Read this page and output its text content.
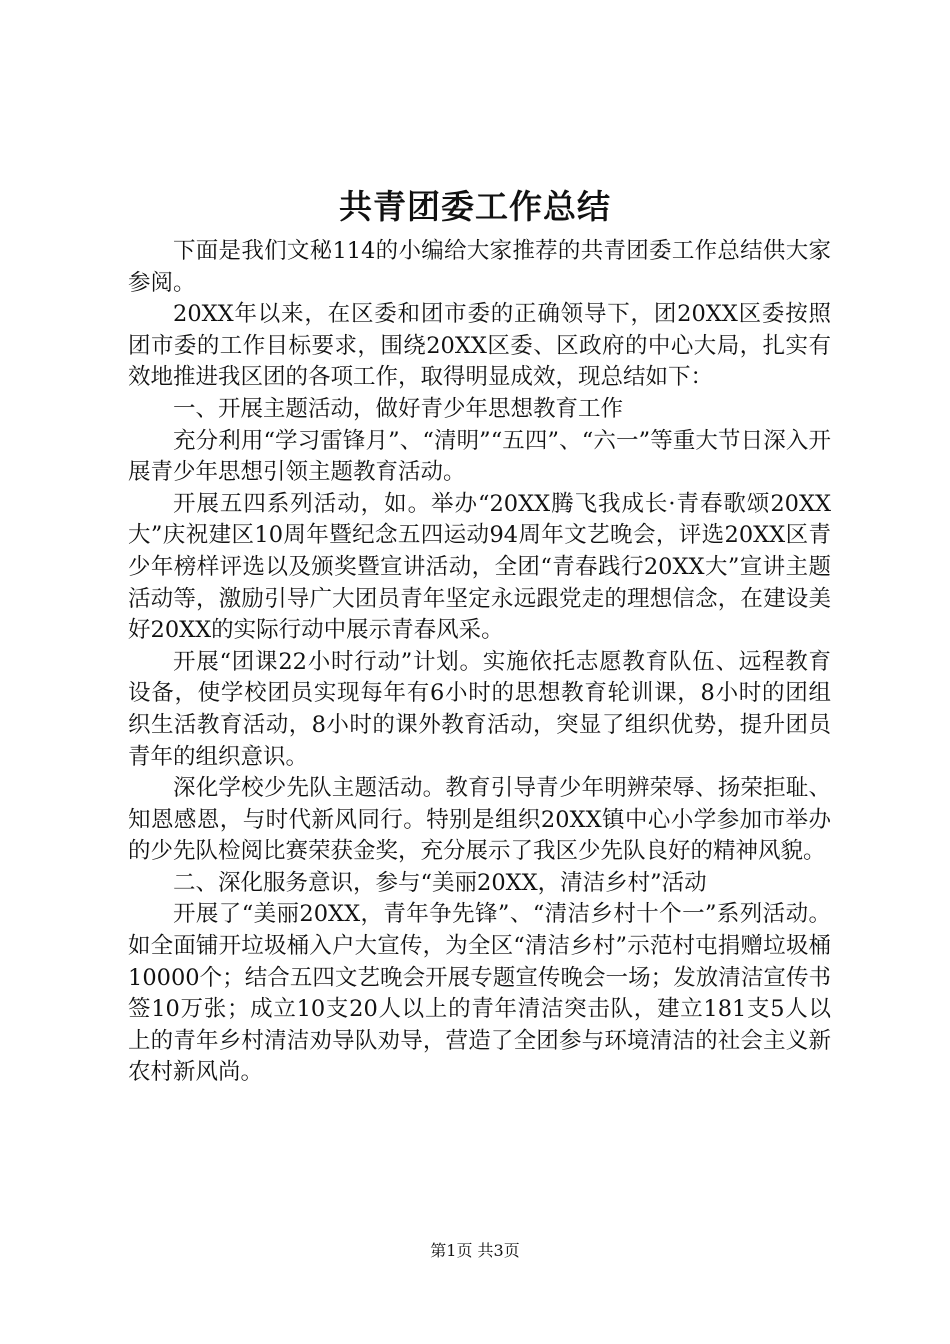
共青团委工作总结

下面是我们文秘114的小编给大家推荐的共青团委工作总结供大家参阅。

20XX年以来，在区委和团市委的正确领导下，团20XX区委按照团市委的工作目标要求，围绕20XX区委、区政府的中心大局，扎实有效地推进我区团的各项工作，取得明显成效，现总结如下：

一、开展主题活动，做好青少年思想教育工作

充分利用“学习雷锋月”、“清明”“五四”、“六一”等重大节日深入开展青少年思想引领主题教育活动。

开展五四系列活动，如。举办“20XX腾飞我成长·青春歌颂20XX大”庆祝建区10周年暨纪念五四运动94周年文艺晚会，评选20XX区青少年榜样评选以及颁奖暨宣讲活动，全团“青春践行20XX大”宣讲主题活动等，激励引导广大团员青年坚定永远跟党走的理想信念，在建设美好20XX的实际行动中展示青春风采。

开展“团课22小时行动”计划。实施依托志愿教育队伍、远程教育设备，使学校团员实现每年有6小时的思想教育轮训课，8小时的团组织生活教育活动，8小时的课外教育活动，突显了组织优势，提升团员青年的组织意识。

深化学校少先队主题活动。教育引导青少年明辨荣辱、扬荣拒耻、知恩感恩，与时代新风同行。特别是组织20XX镇中心小学参加市举办的少先队检阅比赛荣获金奖，充分展示了我区少先队良好的精神风貌。

二、深化服务意识，参与“美丽20XX，清洁乡村”活动

开展了“美丽20XX，青年争先锋”、“清洁乡村十个一”系列活动。如全面铺开垃圾桶入户大宣传，为全区“清洁乡村”示范村屯捐赠垃圾桶10000个；结合五四文艺晚会开展专题宣传晚会一场；发放清洁宣传书签10万张；成立10支20人以上的青年清洁突击队，建立181支5人以上的青年乡村清洁劝导队劝导，营造了全团参与环境清洁的社会主义新农村新风尚。

第1页 共3页
